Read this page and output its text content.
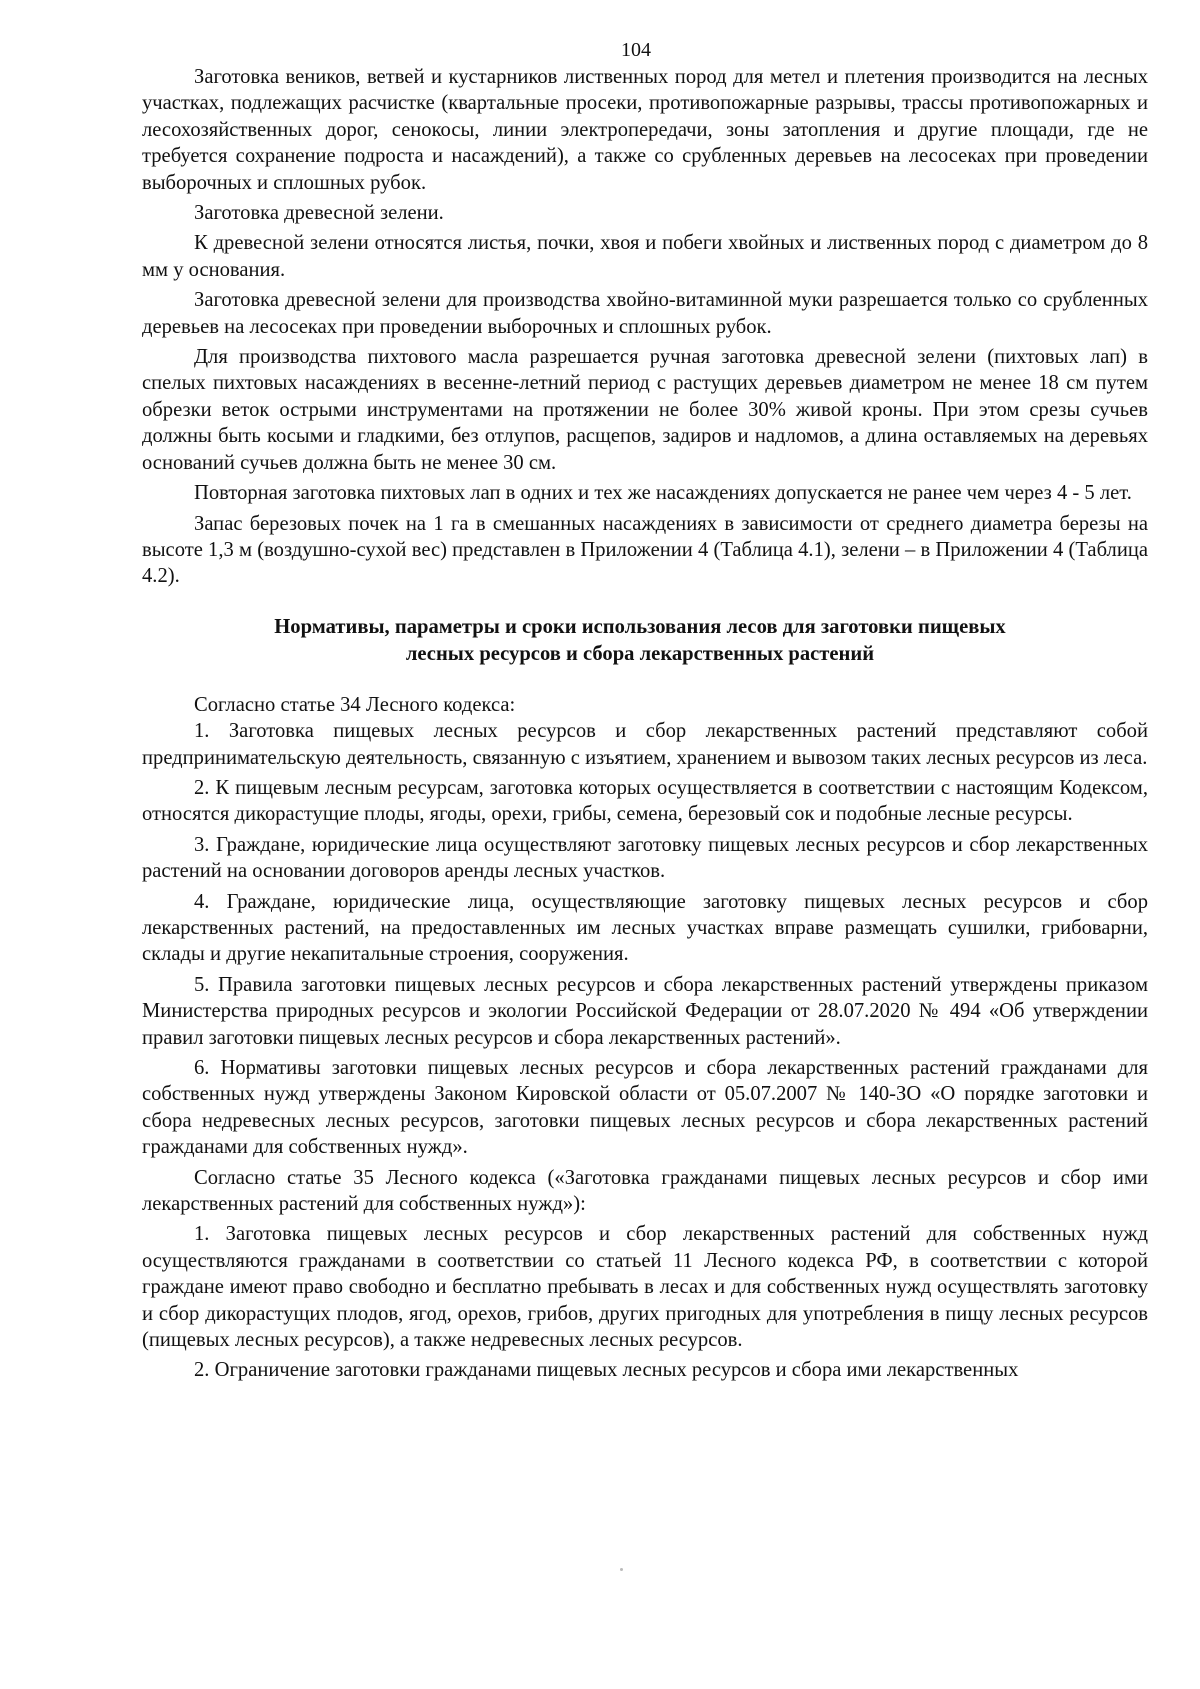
104

Заготовка веников, ветвей и кустарников лиственных пород для метел и плетения производится на лесных участках, подлежащих расчистке (квартальные просеки, противопожарные разрывы, трассы противопожарных и лесохозяйственных дорог, сенокосы, линии электропередачи, зоны затопления и другие площади, где не требуется сохранение подроста и насаждений), а также со срубленных деревьев на лесосеках при проведении выборочных и сплошных рубок.

Заготовка древесной зелени.

К древесной зелени относятся листья, почки, хвоя и побеги хвойных и лиственных пород с диаметром до 8 мм у основания.

Заготовка древесной зелени для производства хвойно-витаминной муки разрешается только со срубленных деревьев на лесосеках при проведении выборочных и сплошных рубок.

Для производства пихтового масла разрешается ручная заготовка древесной зелени (пихтовых лап) в спелых пихтовых насаждениях в весенне-летний период с растущих деревьев диаметром не менее 18 см путем обрезки веток острыми инструментами на протяжении не более 30% живой кроны. При этом срезы сучьев должны быть косыми и гладкими, без отлупов, расщепов, задиров и надломов, а длина оставляемых на деревьях оснований сучьев должна быть не менее 30 см.

Повторная заготовка пихтовых лап в одних и тех же насаждениях допускается не ранее чем через 4 - 5 лет.

Запас березовых почек на 1 га в смешанных насаждениях в зависимости от среднего диаметра березы на высоте 1,3 м (воздушно-сухой вес) представлен в Приложении 4 (Таблица 4.1), зелени – в Приложении 4 (Таблица 4.2).

Нормативы, параметры и сроки использования лесов для заготовки пищевых
лесных ресурсов и сбора лекарственных растений

Согласно статье 34 Лесного кодекса:

1. Заготовка пищевых лесных ресурсов и сбор лекарственных растений представляют собой предпринимательскую деятельность, связанную с изъятием, хранением и вывозом таких лесных ресурсов из леса.

2. К пищевым лесным ресурсам, заготовка которых осуществляется в соответствии с настоящим Кодексом, относятся дикорастущие плоды, ягоды, орехи, грибы, семена, березовый сок и подобные лесные ресурсы.

3. Граждане, юридические лица осуществляют заготовку пищевых лесных ресурсов и сбор лекарственных растений на основании договоров аренды лесных участков.

4. Граждане, юридические лица, осуществляющие заготовку пищевых лесных ресурсов и сбор лекарственных растений, на предоставленных им лесных участках вправе размещать сушилки, грибоварни, склады и другие некапитальные строения, сооружения.

5. Правила заготовки пищевых лесных ресурсов и сбора лекарственных растений утверждены приказом Министерства природных ресурсов и экологии Российской Федерации от 28.07.2020 № 494 «Об утверждении правил заготовки пищевых лесных ресурсов и сбора лекарственных растений».

6. Нормативы заготовки пищевых лесных ресурсов и сбора лекарственных растений гражданами для собственных нужд утверждены Законом Кировской области от 05.07.2007 № 140-ЗО «О порядке заготовки и сбора недревесных лесных ресурсов, заготовки пищевых лесных ресурсов и сбора лекарственных растений гражданами для собственных нужд».

Согласно статье 35 Лесного кодекса («Заготовка гражданами пищевых лесных ресурсов и сбор ими лекарственных растений для собственных нужд»):

1. Заготовка пищевых лесных ресурсов и сбор лекарственных растений для собственных нужд осуществляются гражданами в соответствии со статьей 11 Лесного кодекса РФ, в соответствии с которой граждане имеют право свободно и бесплатно пребывать в лесах и для собственных нужд осуществлять заготовку и сбор дикорастущих плодов, ягод, орехов, грибов, других пригодных для употребления в пищу лесных ресурсов (пищевых лесных ресурсов), а также недревесных лесных ресурсов.

2. Ограничение заготовки гражданами пищевых лесных ресурсов и сбора ими лекарственных
